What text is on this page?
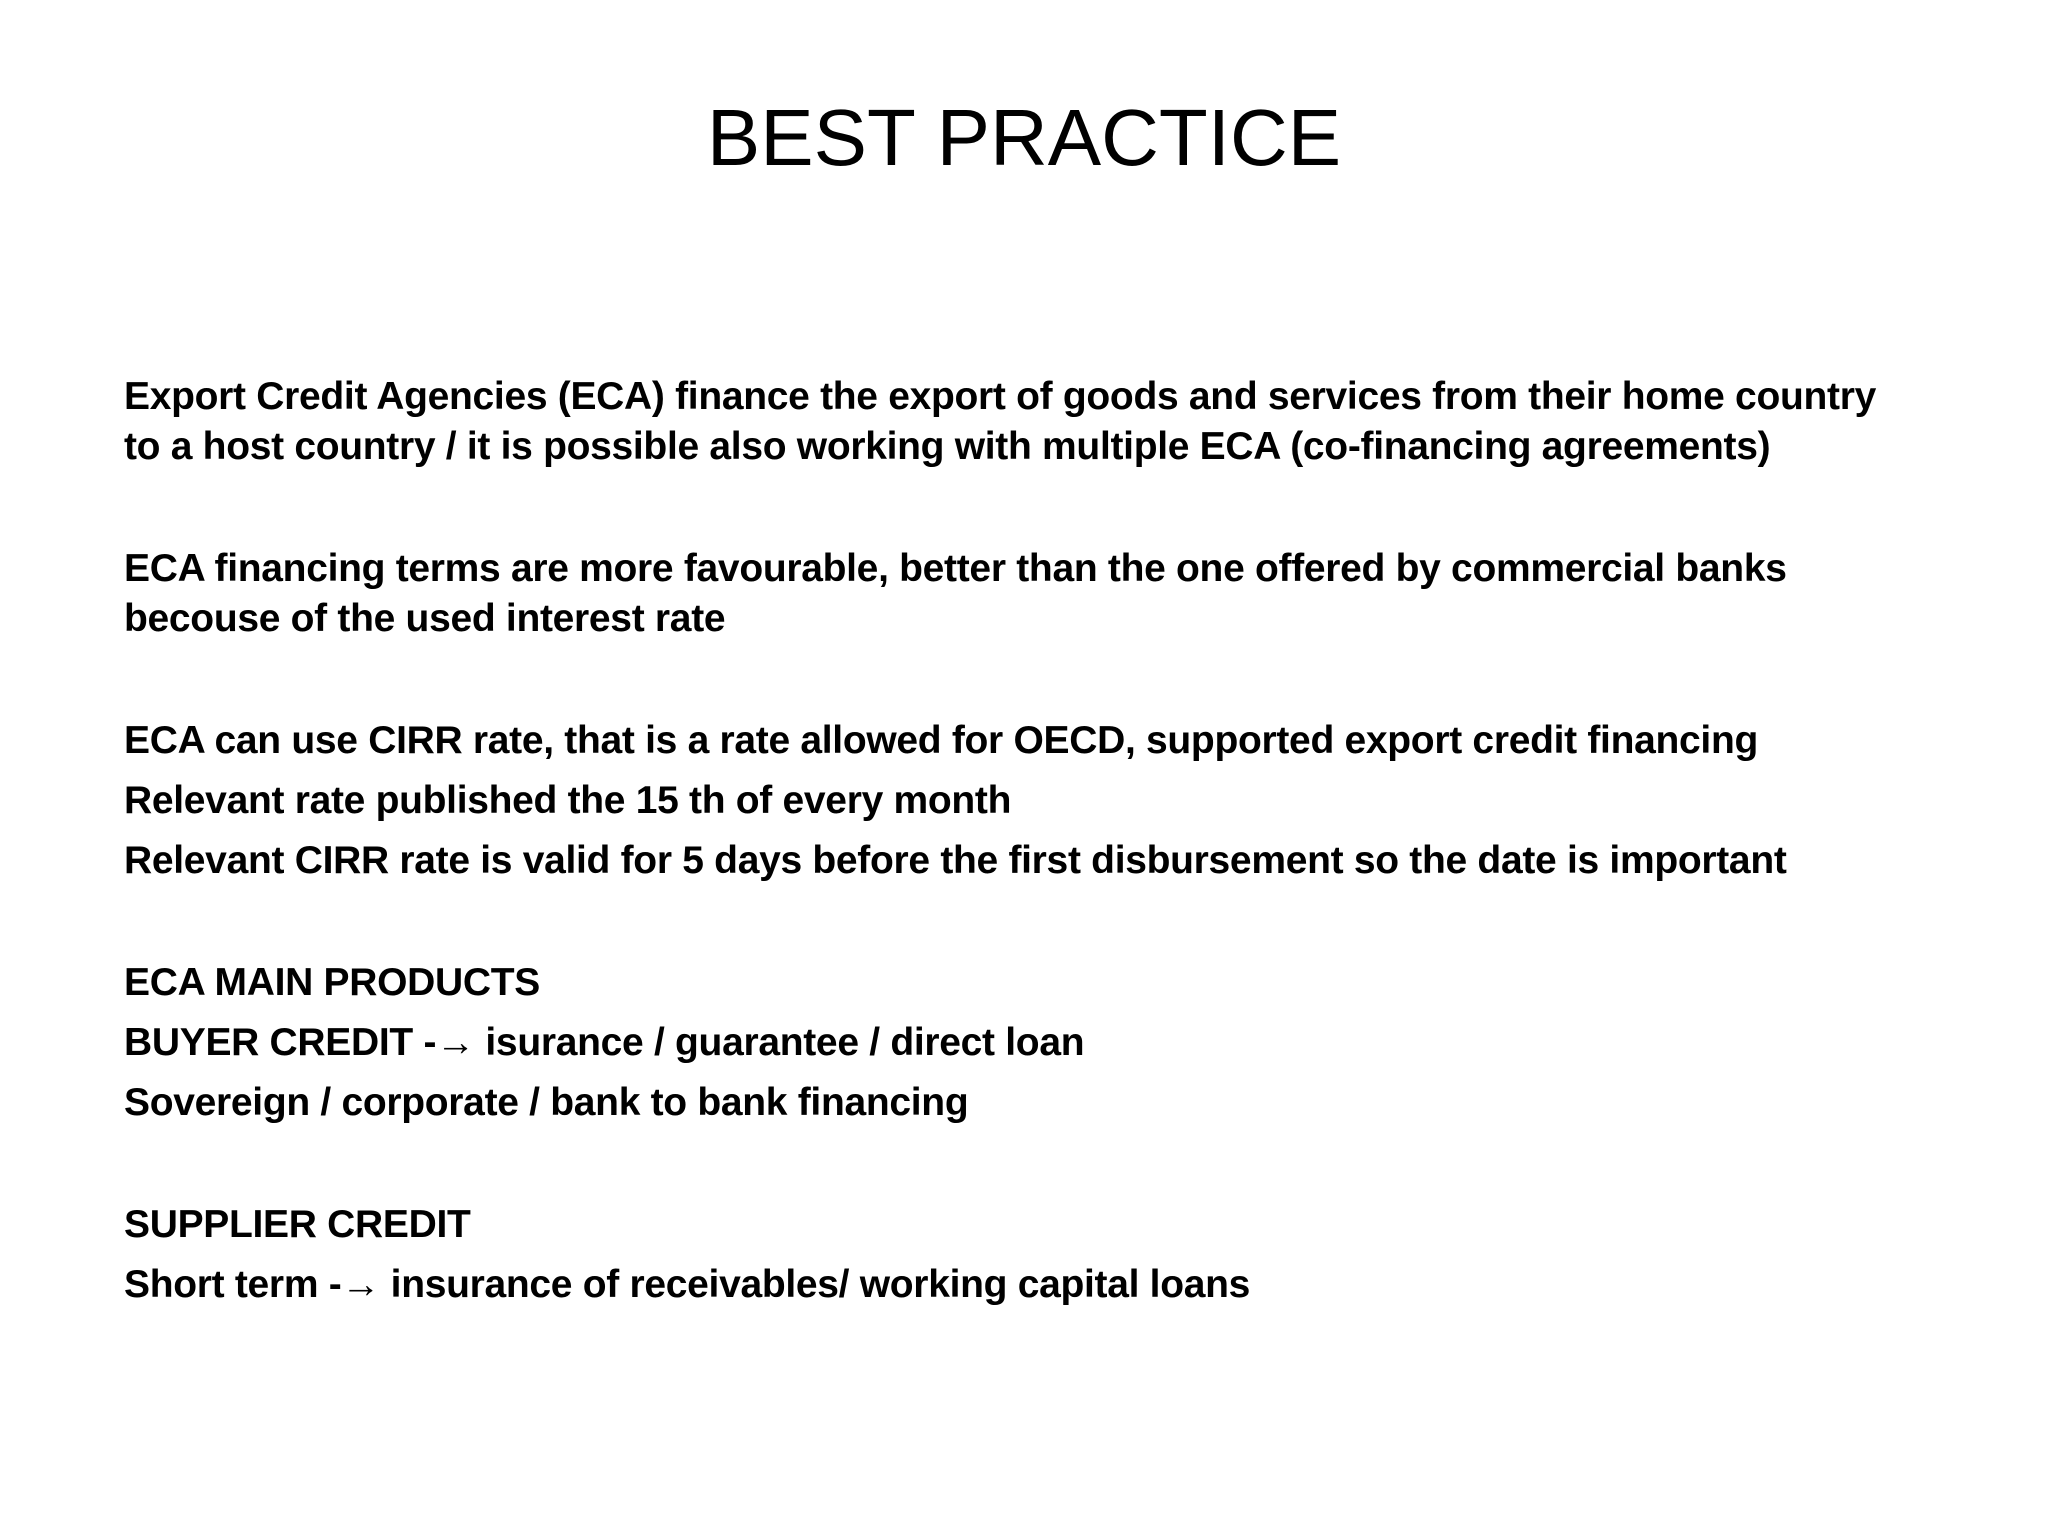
BEST PRACTICE
Export Credit Agencies (ECA) finance the export of goods and services from their home country
to a host country / it is possible also working with multiple ECA (co-financing agreements)
ECA financing terms are more favourable, better than the one offered by commercial banks
becouse of the used interest rate
ECA can use CIRR rate, that is a rate allowed for OECD, supported export credit financing
Relevant rate published the 15 th of every month
Relevant CIRR rate is valid for 5 days before the first disbursement so the date is important
ECA MAIN PRODUCTS
BUYER CREDIT -→ isurance / guarantee / direct loan
Sovereign / corporate / bank to bank financing
SUPPLIER CREDIT
Short term -→ insurance of receivables/ working capital loans
